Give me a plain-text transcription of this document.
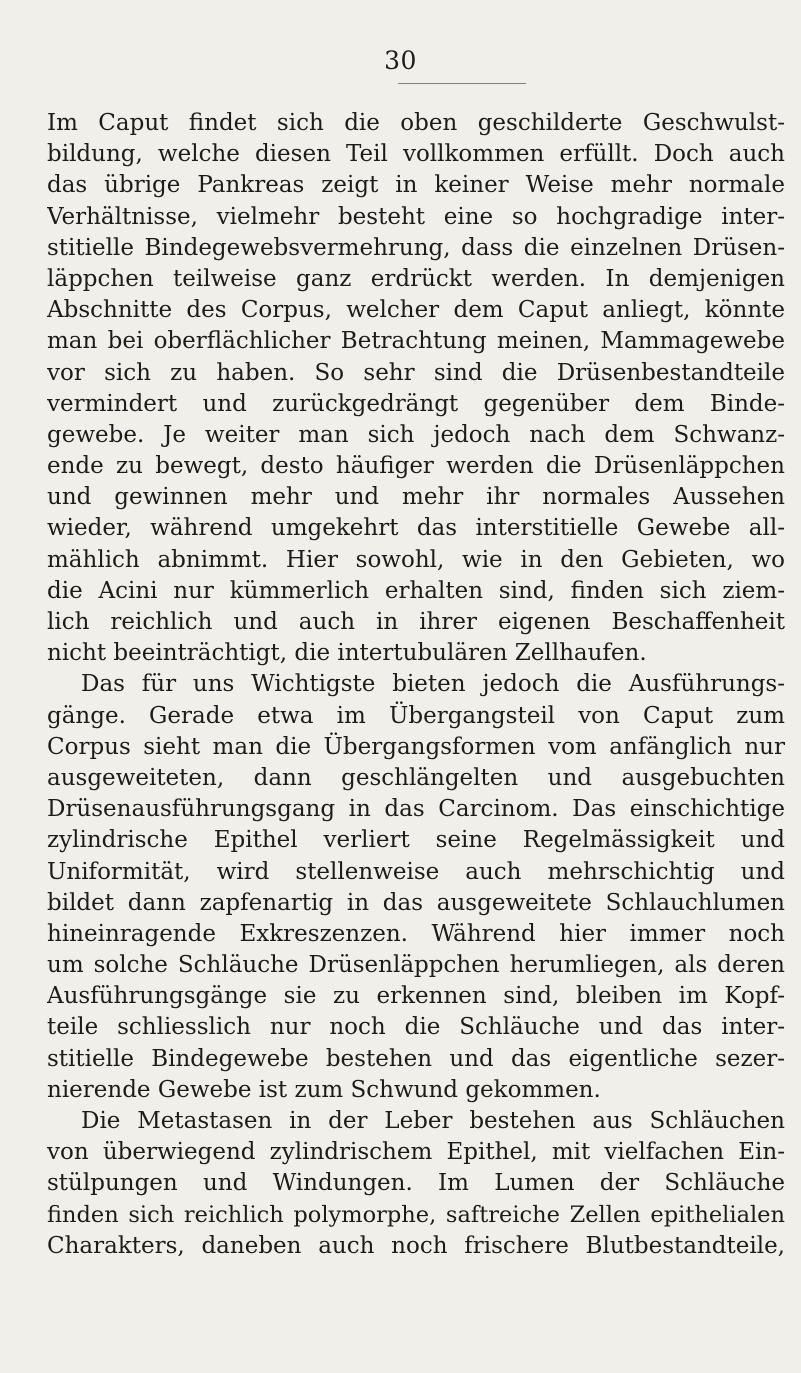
30
Im Caput findet sich die oben geschilderte Geschwulst-
bildung, welche diesen Teil vollkommen erfüllt. Doch auch
das übrige Pankreas zeigt in keiner Weise mehr normale
Verhältnisse, vielmehr besteht eine so hochgradige inter-
stitielle Bindegewebsvermehrung, dass die einzelnen Drüsen-
läppchen teilweise ganz erdrückt werden. In demjenigen
Abschnitte des Corpus, welcher dem Caput anliegt, könnte
man bei oberflächlicher Betrachtung meinen, Mammagewebe
vor sich zu haben. So sehr sind die Drüsenbestandteile
vermindert und zurückgedrängt gegenüber dem Binde-
gewebe. Je weiter man sich jedoch nach dem Schwanz-
ende zu bewegt, desto häufiger werden die Drüsenläppchen
und gewinnen mehr und mehr ihr normales Aussehen
wieder, während umgekehrt das interstitielle Gewebe all-
mählich abnimmt. Hier sowohl, wie in den Gebieten, wo
die Acini nur kümmerlich erhalten sind, finden sich ziem-
lich reichlich und auch in ihrer eigenen Beschaffenheit
nicht beeinträchtigt, die intertubulären Zellhaufen.
Das für uns Wichtigste bieten jedoch die Ausführungs-
gänge. Gerade etwa im Übergangsteil von Caput zum
Corpus sieht man die Übergangsformen vom anfänglich nur
ausgeweiteten, dann geschlängelten und ausgebuchten
Drüsenausführungsgang in das Carcinom. Das einschichtige
zylindrische Epithel verliert seine Regelmässigkeit und
Uniformität, wird stellenweise auch mehrschichtig und
bildet dann zapfenartig in das ausgeweitete Schlauchlumen
hineinragende Exkreszenzen. Während hier immer noch
um solche Schläuche Drüsenläppchen herumliegen, als deren
Ausführungsgänge sie zu erkennen sind, bleiben im Kopf-
teile schliesslich nur noch die Schläuche und das inter-
stitielle Bindegewebe bestehen und das eigentliche sezer-
nierende Gewebe ist zum Schwund gekommen.
Die Metastasen in der Leber bestehen aus Schläuchen
von überwiegend zylindrischem Epithel, mit vielfachen Ein-
stülpungen und Windungen. Im Lumen der Schläuche
finden sich reichlich polymorphe, saftreiche Zellen epithelialen
Charakters, daneben auch noch frischere Blutbestandteile,
